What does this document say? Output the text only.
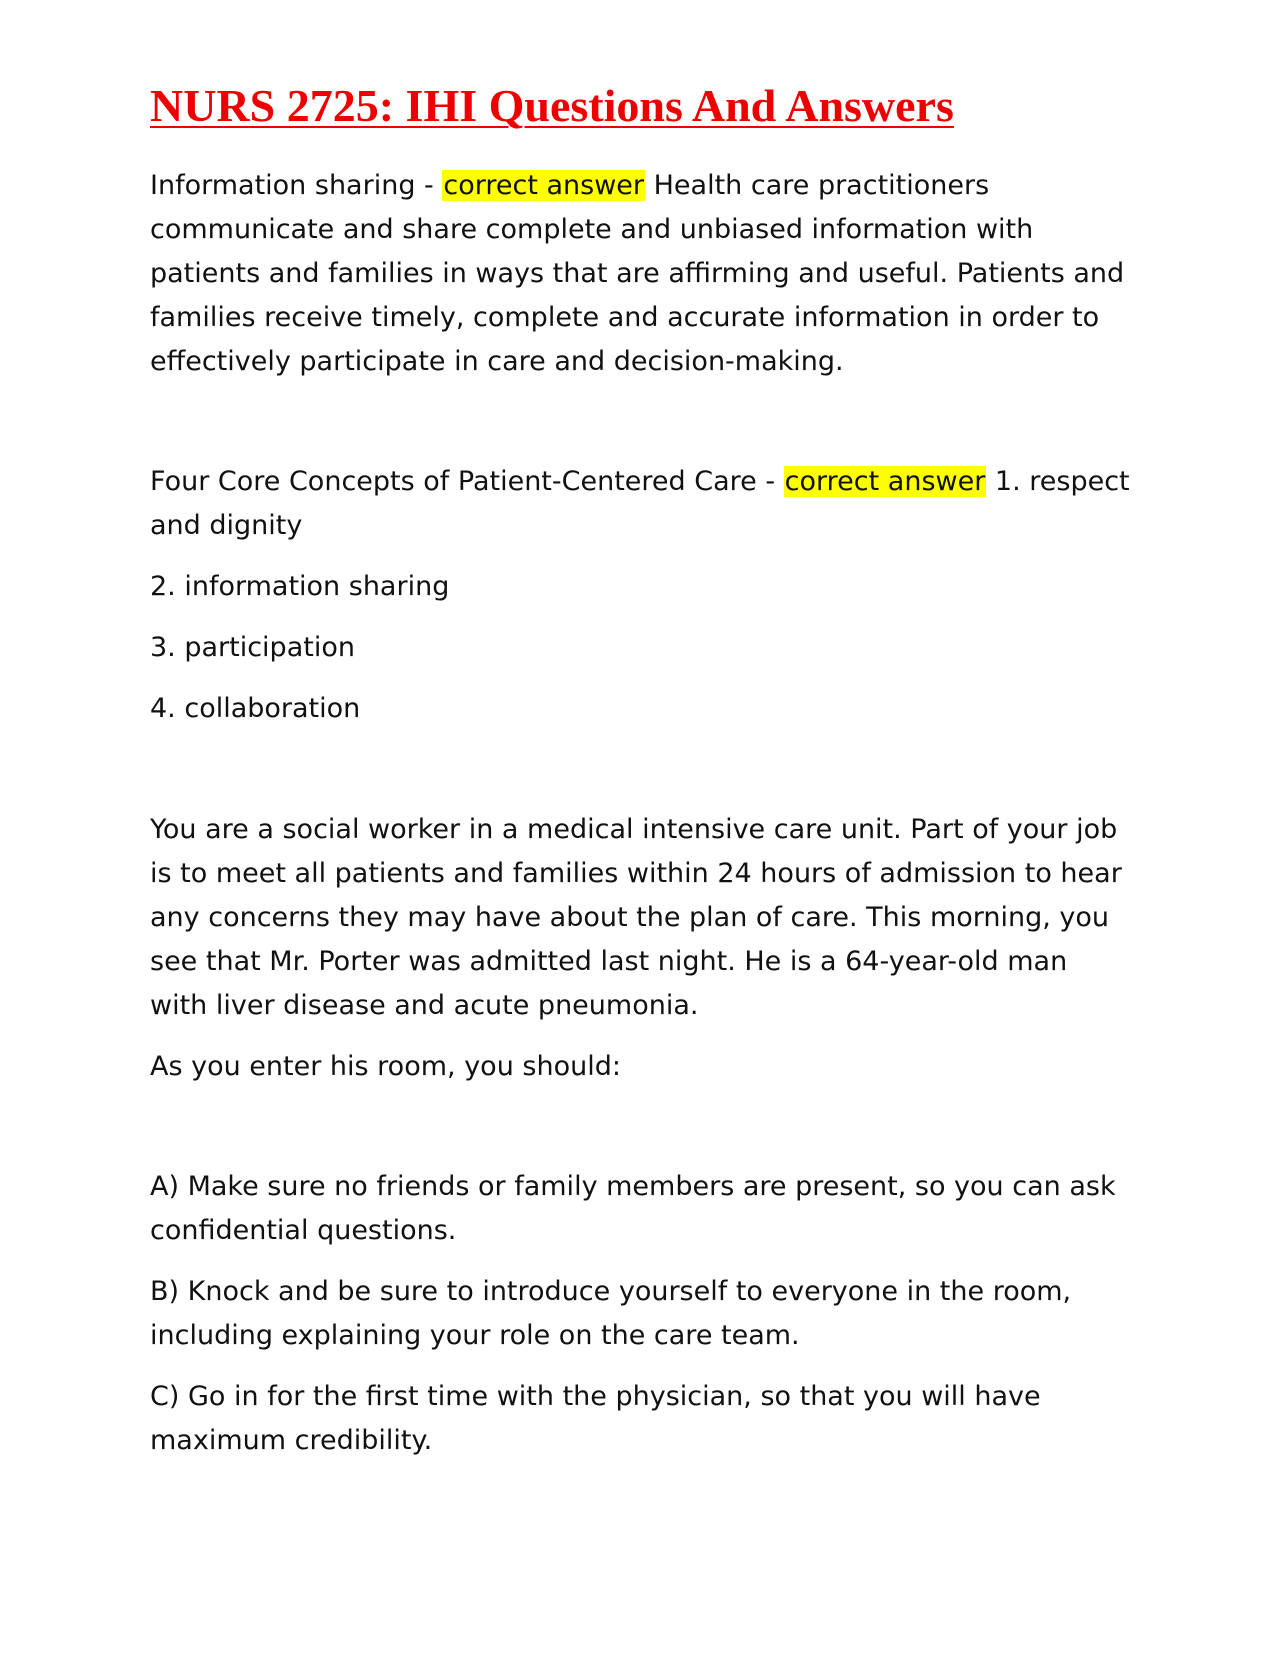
NURS 2725: IHI Questions And Answers

Information sharing - correct answer Health care practitioners communicate and share complete and unbiased information with patients and families in ways that are affirming and useful. Patients and families receive timely, complete and accurate information in order to effectively participate in care and decision-making.

Four Core Concepts of Patient-Centered Care - correct answer 1. respect and dignity

2. information sharing

3. participation

4. collaboration

You are a social worker in a medical intensive care unit. Part of your job is to meet all patients and families within 24 hours of admission to hear any concerns they may have about the plan of care. This morning, you see that Mr. Porter was admitted last night. He is a 64-year-old man with liver disease and acute pneumonia.

As you enter his room, you should:

A) Make sure no friends or family members are present, so you can ask confidential questions.

B) Knock and be sure to introduce yourself to everyone in the room, including explaining your role on the care team.

C) Go in for the first time with the physician, so that you will have maximum credibility.
